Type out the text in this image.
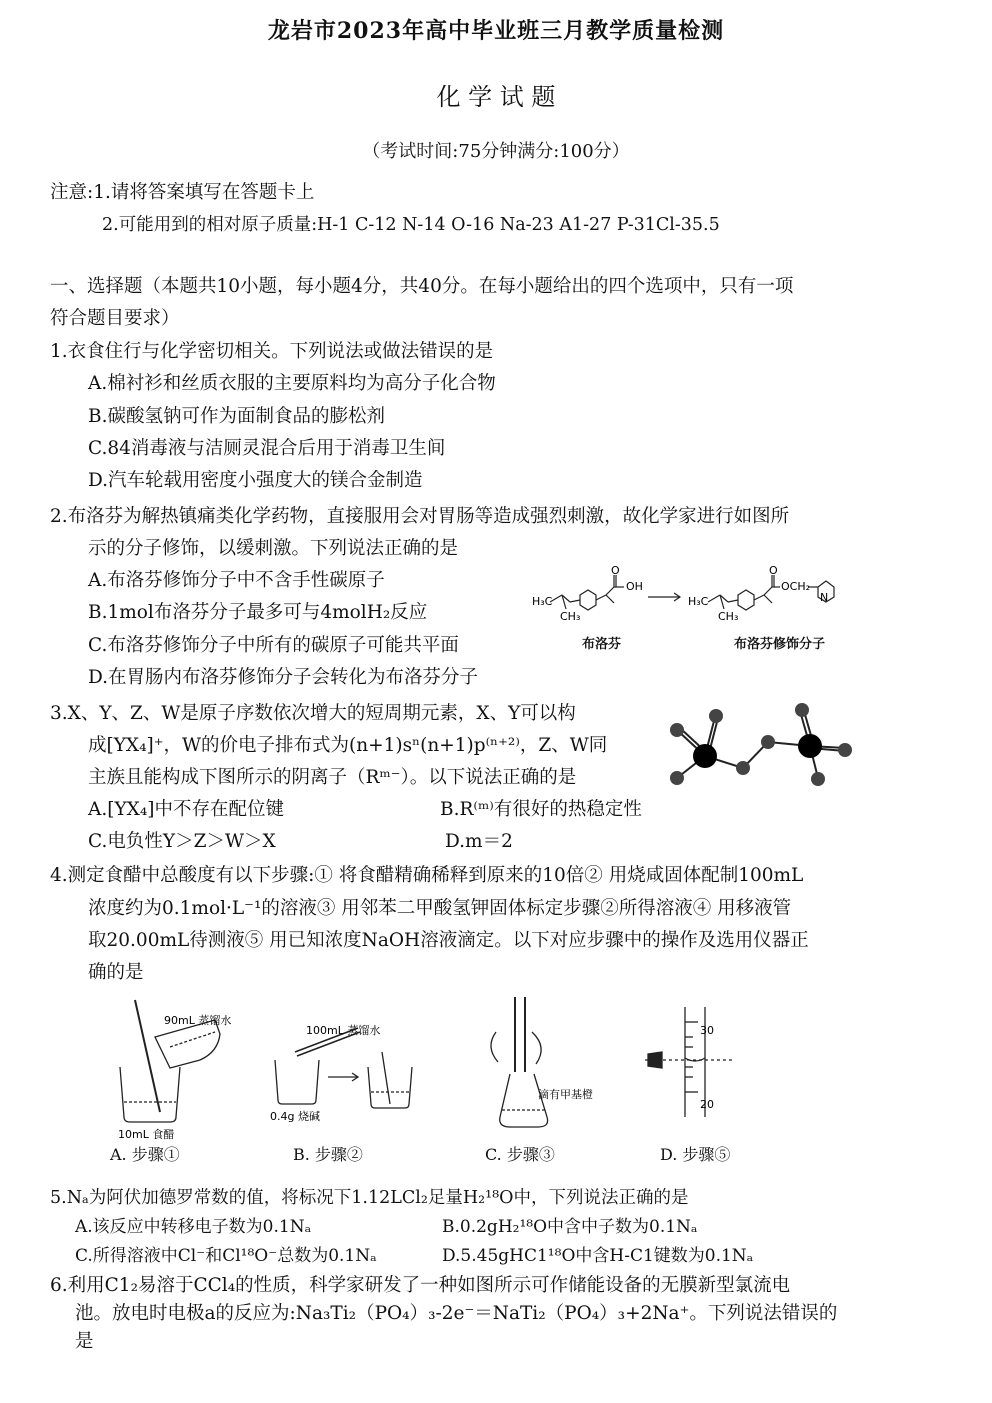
龙岩市2023年高中毕业班三月教学质量检测
化 学 试 题
（考试时间:75分钟满分:100分）
注意:1.请将答案填写在答题卡上
2.可能用到的相对原子质量:H-1 C-12 N-14 O-16 Na-23 A1-27 P-31Cl-35.5
一、选择题（本题共10小题，每小题4分，共40分。在每小题给出的四个选项中，只有一项
符合题目要求）
1.衣食住行与化学密切相关。下列说法或做法错误的是
A.棉衬衫和丝质衣服的主要原料均为高分子化合物
B.碳酸氢钠可作为面制食品的膨松剂
C.84消毒液与洁厕灵混合后用于消毒卫生间
D.汽车轮载用密度小强度大的镁合金制造
2.布洛芬为解热镇痛类化学药物，直接服用会对胃肠等造成强烈刺激，故化学家进行如图所
示的分子修饰，以缓刺激。下列说法正确的是
A.布洛芬修饰分子中不含手性碳原子
B.1mol布洛芬分子最多可与4molH₂反应
C.布洛芬修饰分子中所有的碳原子可能共平面
D.在胃肠内布洛芬修饰分子会转化为布洛芬分子
H₃C
CH₃
O
OH
H₃C
CH₃
O
OCH₂
N
布洛芬	布洛芬修饰分子
3.X、Y、Z、W是原子序数依次增大的短周期元素，X、Y可以构
成[YX₄]⁺，W的价电子排布式为(n+1)sⁿ(n+1)p⁽ⁿ⁺²⁾，Z、W同
主族且能构成下图所示的阴离子（Rᵐ⁻）。以下说法正确的是
A.[YX₄]中不存在配位键	B.R⁽ᵐ⁾有很好的热稳定性
C.电负性Y＞Z＞W＞X	D.m＝2
4.测定食醋中总酸度有以下步骤:① 将食醋精确稀释到原来的10倍② 用烧咸固体配制100mL
浓度约为0.1mol·L⁻¹的溶液③ 用邻苯二甲酸氢钾固体标定步骤②所得溶液④ 用移液管
取20.00mL待测液⑤ 用已知浓度NaOH溶液滴定。以下对应步骤中的操作及选用仪器正
确的是
90mL 蒸馏水
10mL 食醋
100mL 蒸馏水
0.4g 烧碱
滴有甲基橙
30
20
A. 步骤①	B. 步骤②	C. 步骤③	D. 步骤⑤
5.Nₐ为阿伏加德罗常数的值，将标况下1.12LCl₂足量H₂¹⁸O中，下列说法正确的是
A.该反应中转移电子数为0.1Nₐ	B.0.2gH₂¹⁸O中含中子数为0.1Nₐ
C.所得溶液中Cl⁻和Cl¹⁸O⁻总数为0.1Nₐ	D.5.45gHC1¹⁸O中含H-C1键数为0.1Nₐ
6.利用C1₂易溶于CCl₄的性质，科学家研发了一种如图所示可作储能设备的无膜新型氯流电
池。放电时电极a的反应为:Na₃Ti₂（PO₄）₃-2e⁻＝NaTi₂（PO₄）₃+2Na⁺。下列说法错误的
是
